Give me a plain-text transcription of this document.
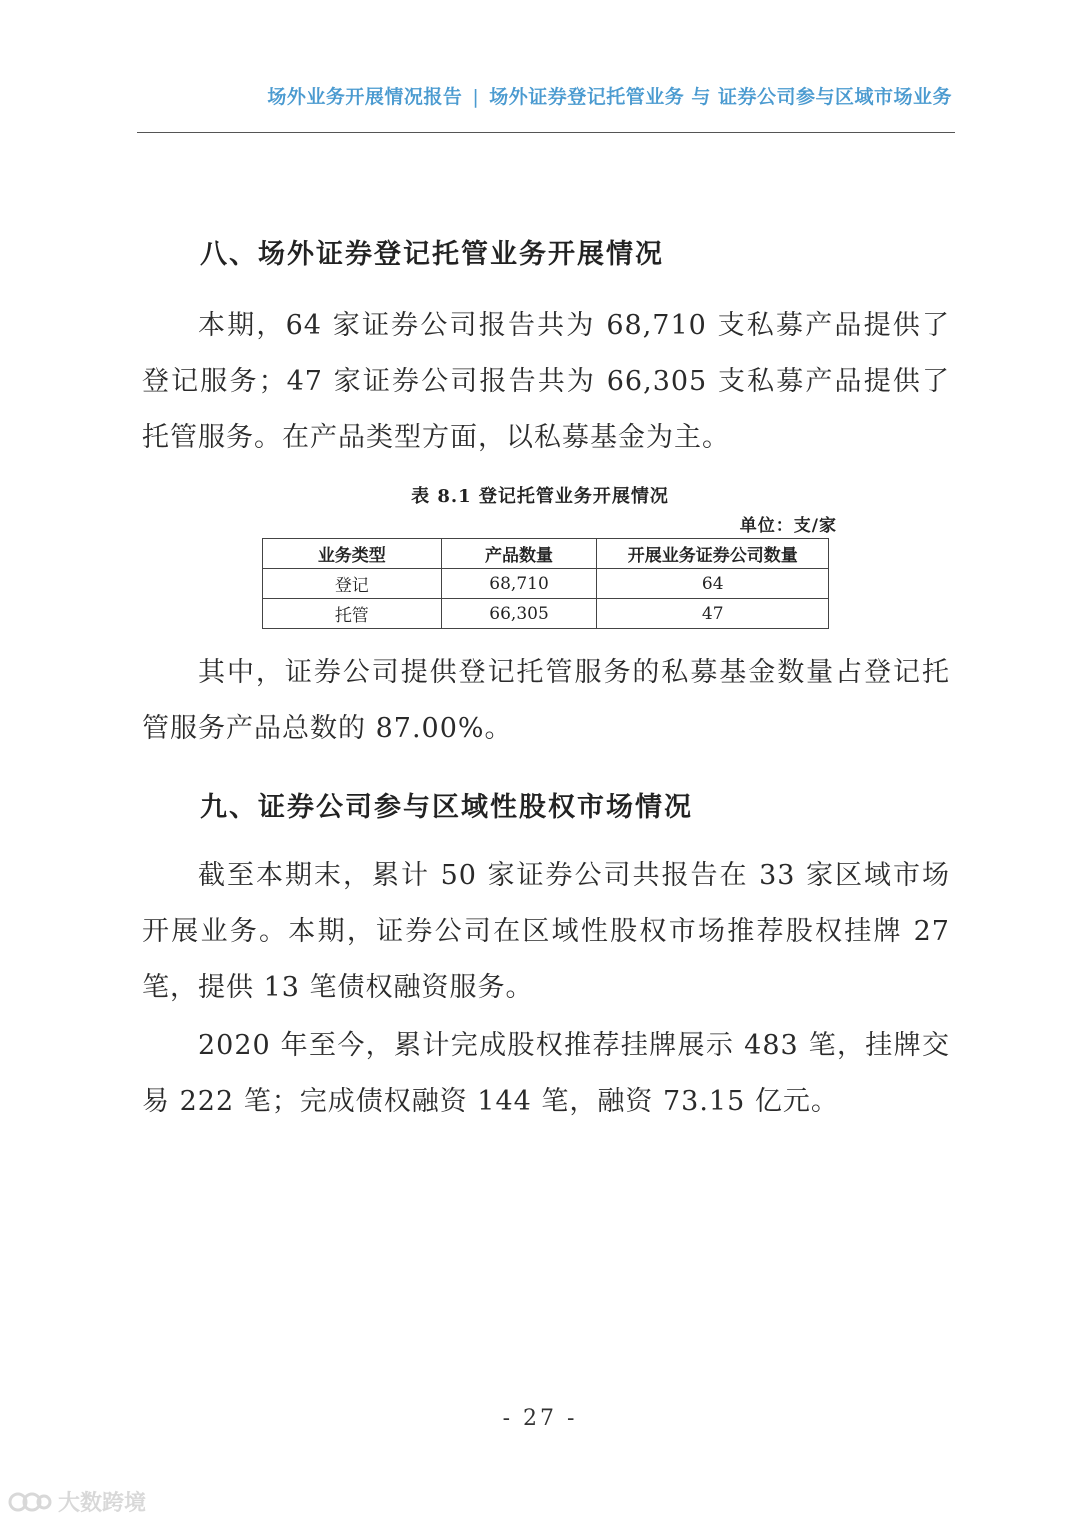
场外业务开展情况报告 | 场外证券登记托管业务 与 证券公司参与区域市场业务
八、场外证券登记托管业务开展情况

本期，64 家证券公司报告共为 68,710 支私募产品提供了登记服务；47 家证券公司报告共为 66,305 支私募产品提供了托管服务。在产品类型方面，以私募基金为主。

表 8.1 登记托管业务开展情况
单位：支/家
业务类型	产品数量	开展业务证券公司数量
登记	68,710	64
托管	66,305	47

其中，证券公司提供登记托管服务的私募基金数量占登记托管服务产品总数的 87.00%。

九、证券公司参与区域性股权市场情况

截至本期末，累计 50 家证券公司共报告在 33 家区域市场开展业务。本期，证券公司在区域性股权市场推荐股权挂牌 27 笔，提供 13 笔债权融资服务。

2020 年至今，累计完成股权推荐挂牌展示 483 笔，挂牌交易 222 笔；完成债权融资 144 笔，融资 73.15 亿元。

- 27 -
大数跨境
